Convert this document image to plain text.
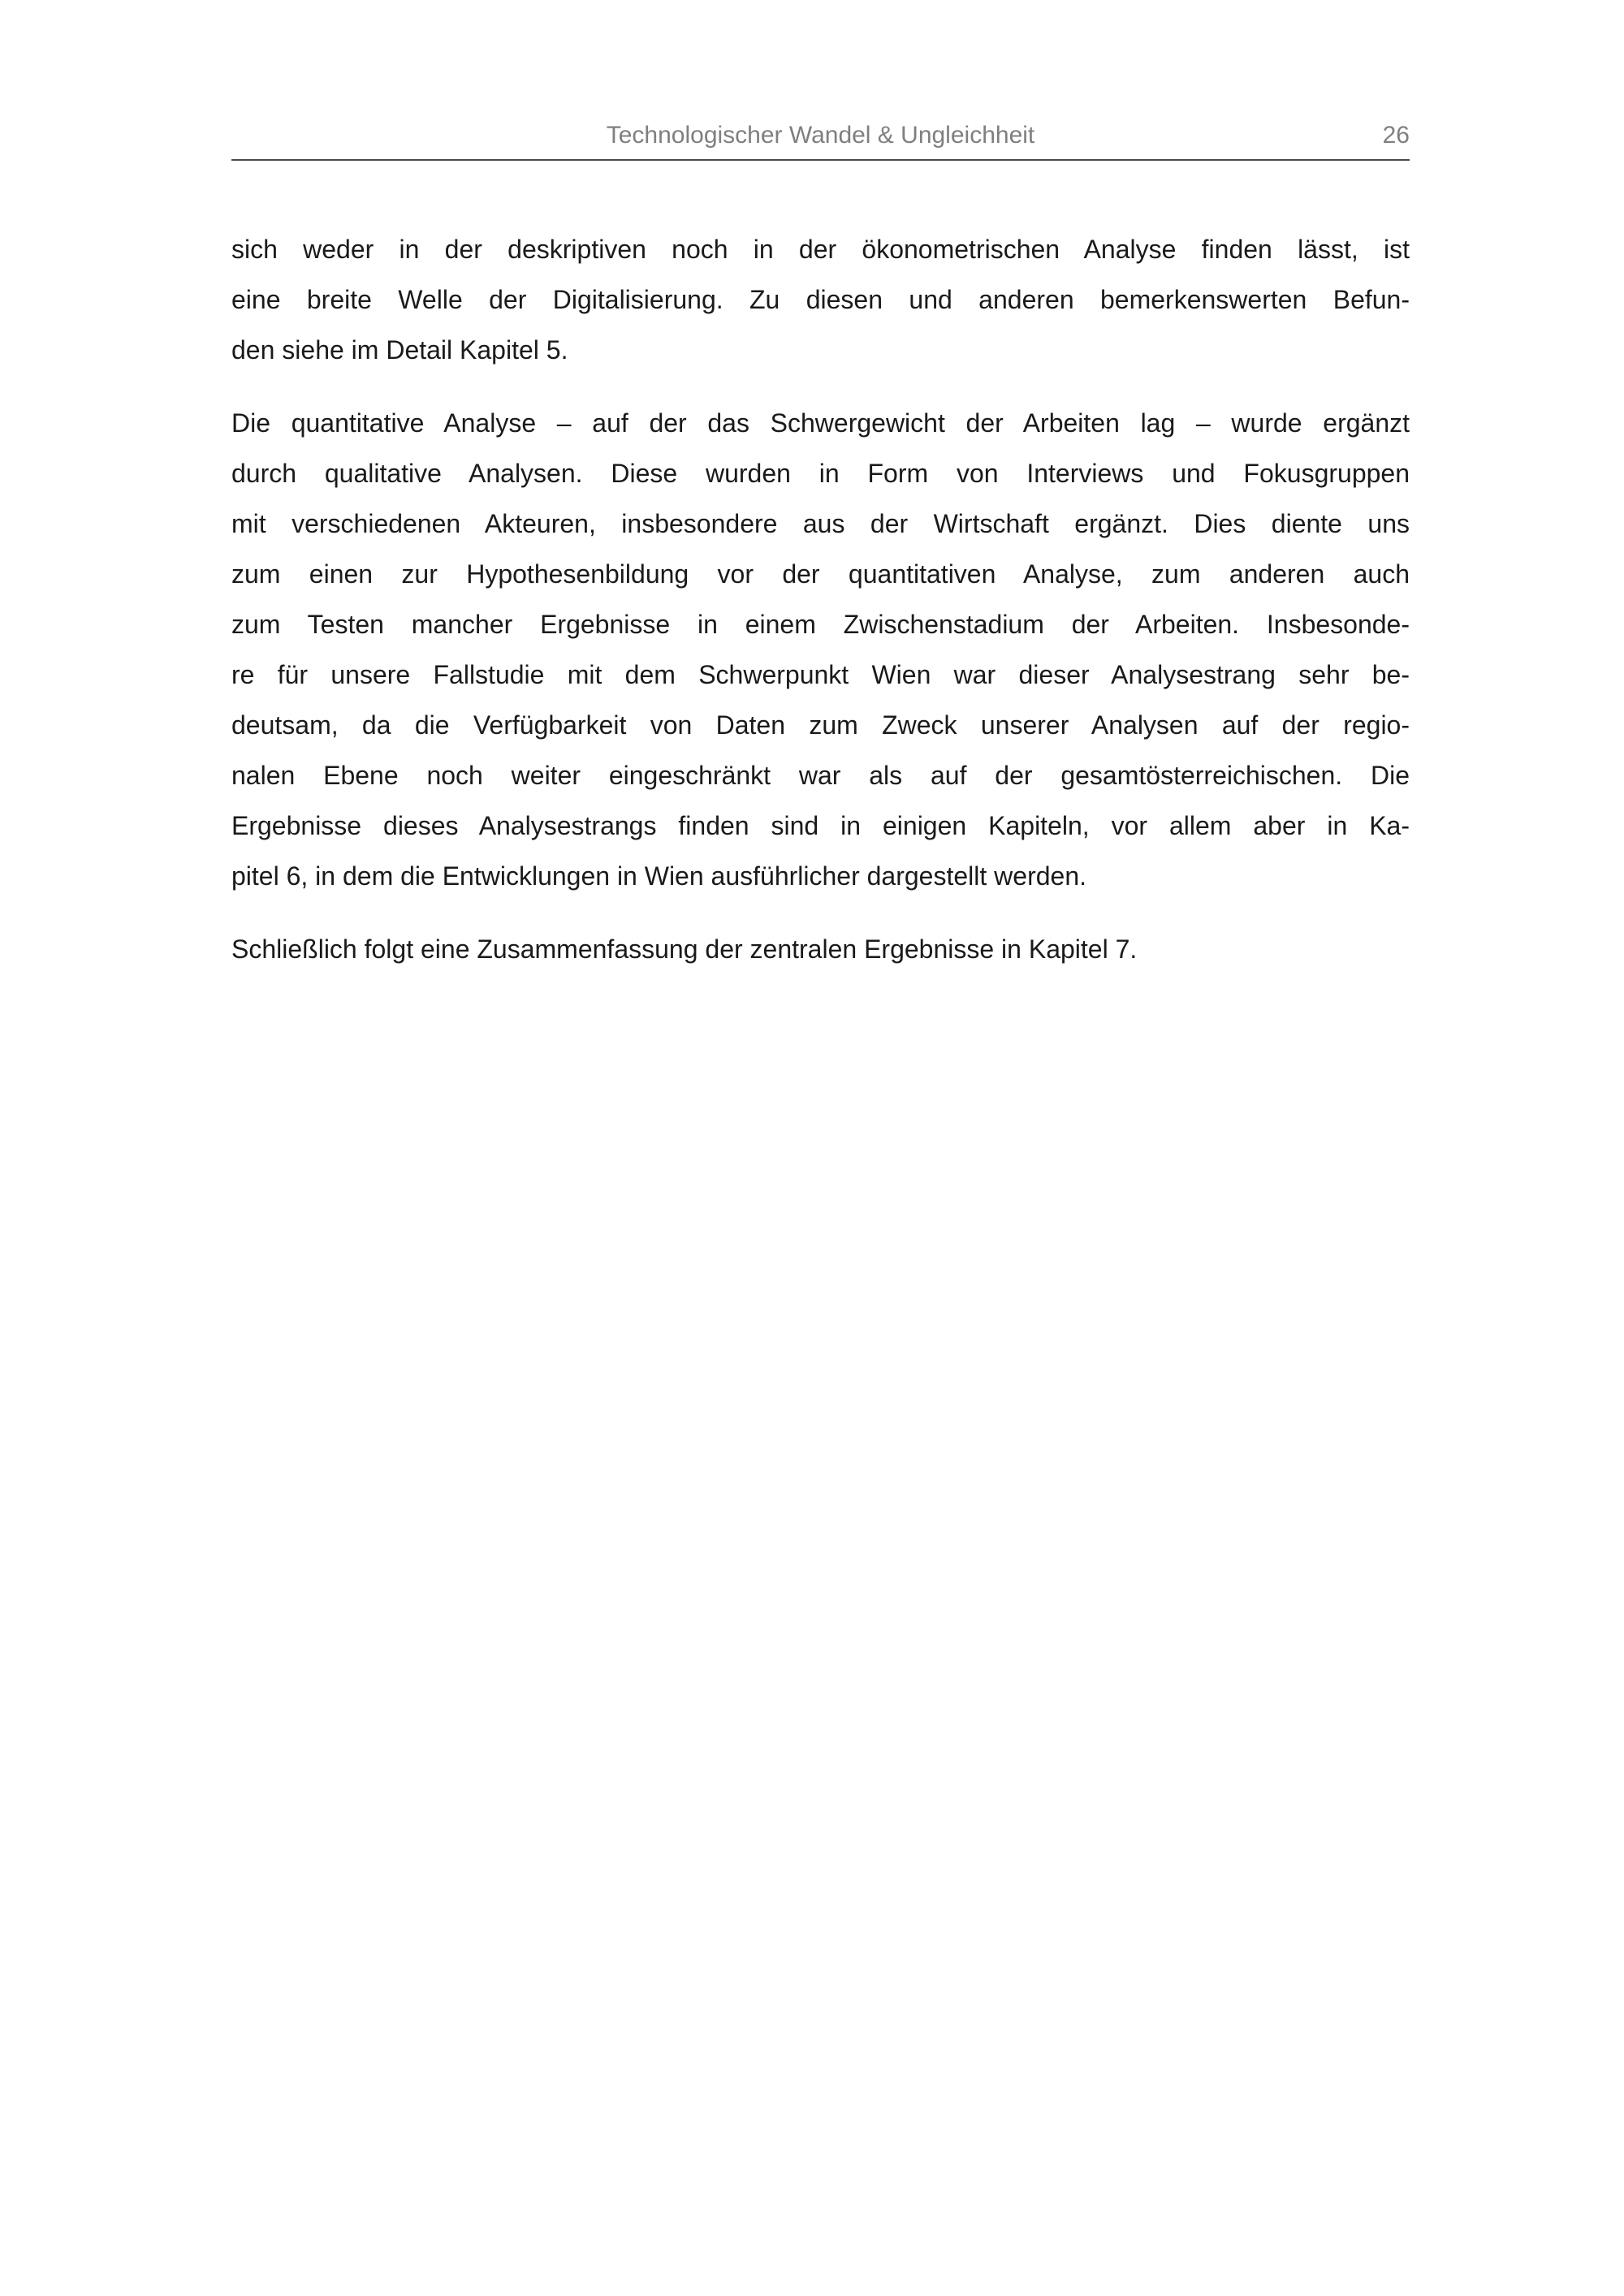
Technologischer Wandel & Ungleichheit	26
sich weder in der deskriptiven noch in der ökonometrischen Analyse finden lässt, ist
eine breite Welle der Digitalisierung. Zu diesen und anderen bemerkenswerten Befun-
den siehe im Detail Kapitel 5.
Die quantitative Analyse – auf der das Schwergewicht der Arbeiten lag – wurde ergänzt
durch qualitative Analysen. Diese wurden in Form von Interviews und Fokusgruppen
mit verschiedenen Akteuren, insbesondere aus der Wirtschaft ergänzt. Dies diente uns
zum einen zur Hypothesenbildung vor der quantitativen Analyse, zum anderen auch
zum Testen mancher Ergebnisse in einem Zwischenstadium der Arbeiten. Insbesonde-
re für unsere Fallstudie mit dem Schwerpunkt Wien war dieser Analysestrang sehr be-
deutsam, da die Verfügbarkeit von Daten zum Zweck unserer Analysen auf der regio-
nalen Ebene noch weiter eingeschränkt war als auf der gesamtösterreichischen. Die
Ergebnisse dieses Analysestrangs finden sind in einigen Kapiteln, vor allem aber in Ka-
pitel 6, in dem die Entwicklungen in Wien ausführlicher dargestellt werden.
Schließlich folgt eine Zusammenfassung der zentralen Ergebnisse in Kapitel 7.
